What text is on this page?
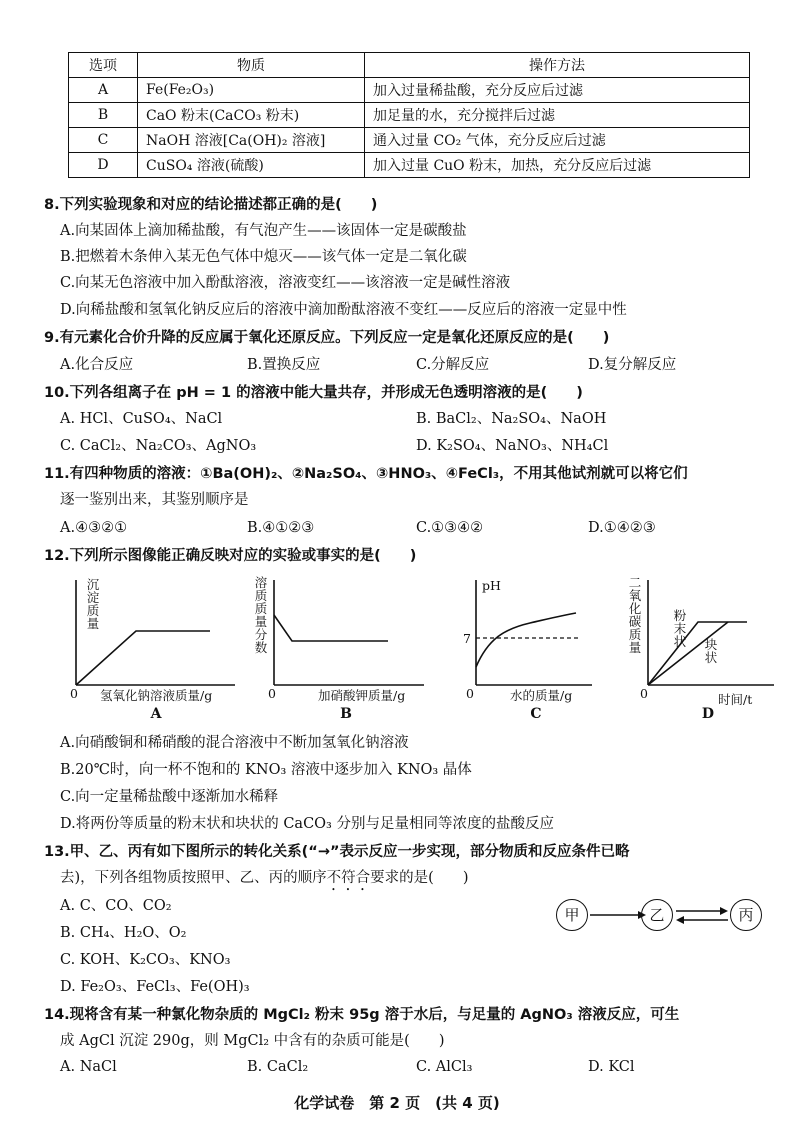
选项	物质	操作方法
A	Fe(Fe₂O₃)	加入过量稀盐酸，充分反应后过滤
B	CaO 粉末(CaCO₃ 粉末)	加足量的水，充分搅拌后过滤
C	NaOH 溶液[Ca(OH)₂ 溶液]	通入过量 CO₂ 气体，充分反应后过滤
D	CuSO₄ 溶液(硫酸)	加入过量 CuO 粉末，加热，充分反应后过滤
8.下列实验现象和对应的结论描述都正确的是(　　)
A.向某固体上滴加稀盐酸，有气泡产生——该固体一定是碳酸盐
B.把燃着木条伸入某无色气体中熄灭——该气体一定是二氧化碳
C.向某无色溶液中加入酚酞溶液，溶液变红——该溶液一定是碱性溶液
D.向稀盐酸和氢氧化钠反应后的溶液中滴加酚酞溶液不变红——反应后的溶液一定显中性
9.有元素化合价升降的反应属于氧化还原反应。下列反应一定是氧化还原反应的是(　　)
A.化合反应	B.置换反应	C.分解反应	D.复分解反应
10.下列各组离子在 pH = 1 的溶液中能大量共存，并形成无色透明溶液的是(　　)
A. HCl、CuSO₄、NaCl	B. BaCl₂、Na₂SO₄、NaOH
C. CaCl₂、Na₂CO₃、AgNO₃	D. K₂SO₄、NaNO₃、NH₄Cl
11.有四种物质的溶液：①Ba(OH)₂、②Na₂SO₄、③HNO₃、④FeCl₃，不用其他试剂就可以将它们
逐一鉴别出来，其鉴别顺序是
A.④③②①	B.④①②③	C.①③④②	D.①④②③
12.下列所示图像能正确反映对应的实验或事实的是(　　)
沉淀质量
0 氢氧化钠溶液质量/g
A
溶质质量分数
0	加硝酸钾质量/g
B
pH
7
0	水的质量/g
C
二氧化碳质量
粉末状 块状
0	时间/t
D
A.向硝酸铜和稀硝酸的混合溶液中不断加氢氧化钠溶液
B.20℃时，向一杯不饱和的 KNO₃ 溶液中逐步加入 KNO₃ 晶体
C.向一定量稀盐酸中逐渐加水稀释
D.将两份等质量的粉末状和块状的 CaCO₃ 分别与足量相同等浓度的盐酸反应
13.甲、乙、丙有如下图所示的转化关系(“→”表示反应一步实现，部分物质和反应条件已略
去)，下列各组物质按照甲、乙、丙的顺序不符合要求的是(　　)
A. C、CO、CO₂
B. CH₄、H₂O、O₂
C. KOH、K₂CO₃、KNO₃
D. Fe₂O₃、FeCl₃、Fe(OH)₃
甲	乙	丙
14.现将含有某一种氯化物杂质的 MgCl₂ 粉末 95g 溶于水后，与足量的 AgNO₃ 溶液反应，可生
成 AgCl 沉淀 290g，则 MgCl₂ 中含有的杂质可能是(　　)
A. NaCl	B. CaCl₂	C. AlCl₃	D. KCl
化学试卷　第 2 页　(共 4 页)
